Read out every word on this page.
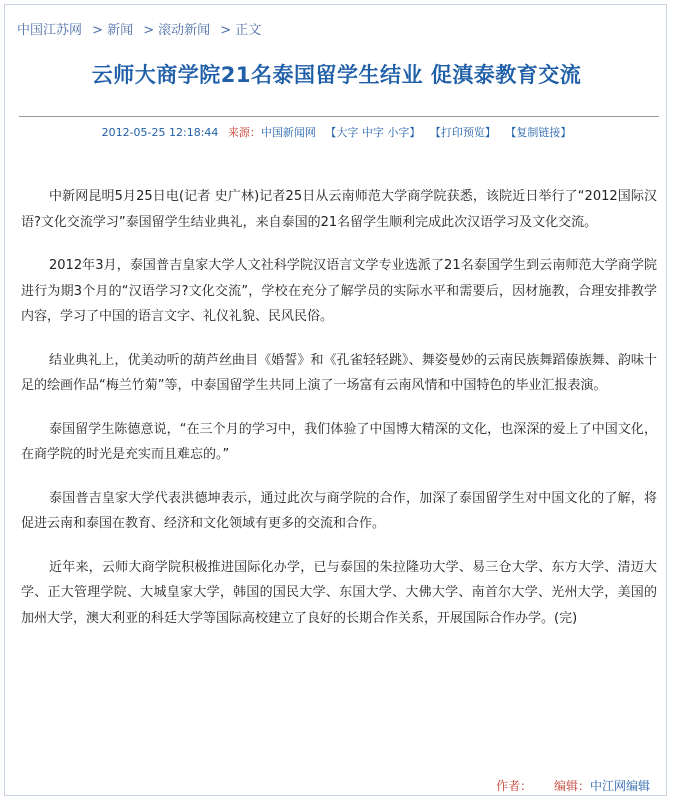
中国江苏网 > 新闻 > 滚动新闻 > 正文
云师大商学院21名泰国留学生结业 促滇泰教育交流
2012-05-25 12:18:44 来源：中国新闻网 【大字 中字 小字】 【打印预览】 【复制链接】

中新网昆明5月25日电(记者 史广林)记者25日从云南师范大学商学院获悉，该院近日举行了“2012国际汉语?文化交流学习”泰国留学生结业典礼，来自泰国的21名留学生顺利完成此次汉语学习及文化交流。

2012年3月，泰国普吉皇家大学人文社科学院汉语言文学专业选派了21名泰国学生到云南师范大学商学院进行为期3个月的“汉语学习?文化交流”，学校在充分了解学员的实际水平和需要后，因材施教，合理安排教学内容，学习了中国的语言文字、礼仪礼貌、民风民俗。

结业典礼上，优美动听的葫芦丝曲目《婚誓》和《孔雀轻轻跳》、舞姿曼妙的云南民族舞蹈傣族舞、韵味十足的绘画作品“梅兰竹菊”等，中泰国留学生共同上演了一场富有云南风情和中国特色的毕业汇报表演。

泰国留学生陈德意说，“在三个月的学习中，我们体验了中国博大精深的文化，也深深的爱上了中国文化，在商学院的时光是充实而且难忘的。”

泰国普吉皇家大学代表洪德坤表示，通过此次与商学院的合作，加深了泰国留学生对中国文化的了解，将促进云南和泰国在教育、经济和文化领域有更多的交流和合作。

近年来，云师大商学院积极推进国际化办学，已与泰国的朱拉隆功大学、易三仓大学、东方大学、清迈大学、正大管理学院、大城皇家大学，韩国的国民大学、东国大学、大佛大学、南首尔大学、光州大学，美国的加州大学，澳大利亚的科廷大学等国际高校建立了良好的长期合作关系，开展国际合作办学。(完)

作者： 编辑：中江网编辑
